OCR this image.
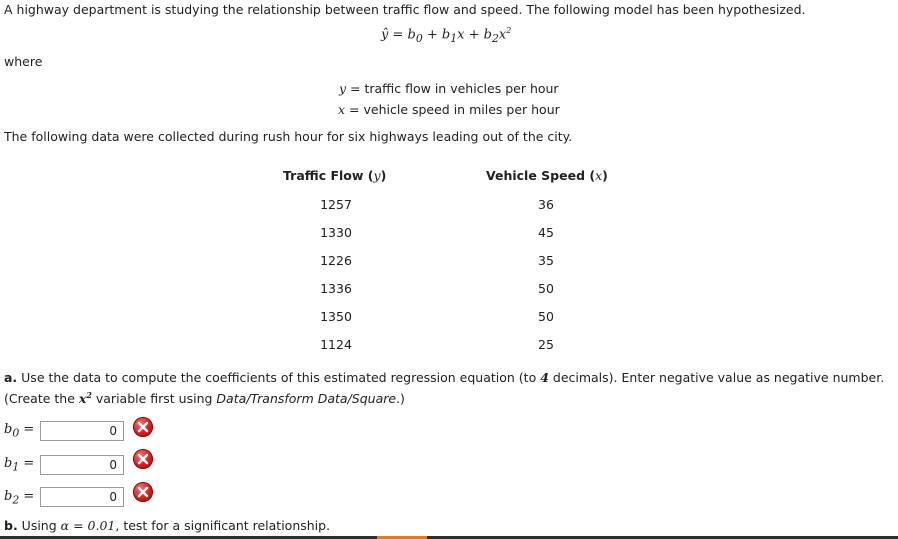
A highway department is studying the relationship between traffic flow and speed. The following model has been hypothesized.
ŷ = $b_0 + b_1x + b_2x^2$
where
y = traffic flow in vehicles per hour
x = vehicle speed in miles per hour
The following data were collected during rush hour for six highways leading out of the city.
Traffic Flow (y)	Vehicle Speed (x)
1257	36
1330	45
1226	35
1336	50
1350	50
1124	25
a. Use the data to compute the coefficients of this estimated regression equation (to 4 decimals). Enter negative value as negative number.
(Create the $x^2$ variable first using Data/Transform Data/Square.)
$b_0$ =	0
$b_1$ =	0
$b_2$ =	0
b. Using α = 0.01, test for a significant relationship.
